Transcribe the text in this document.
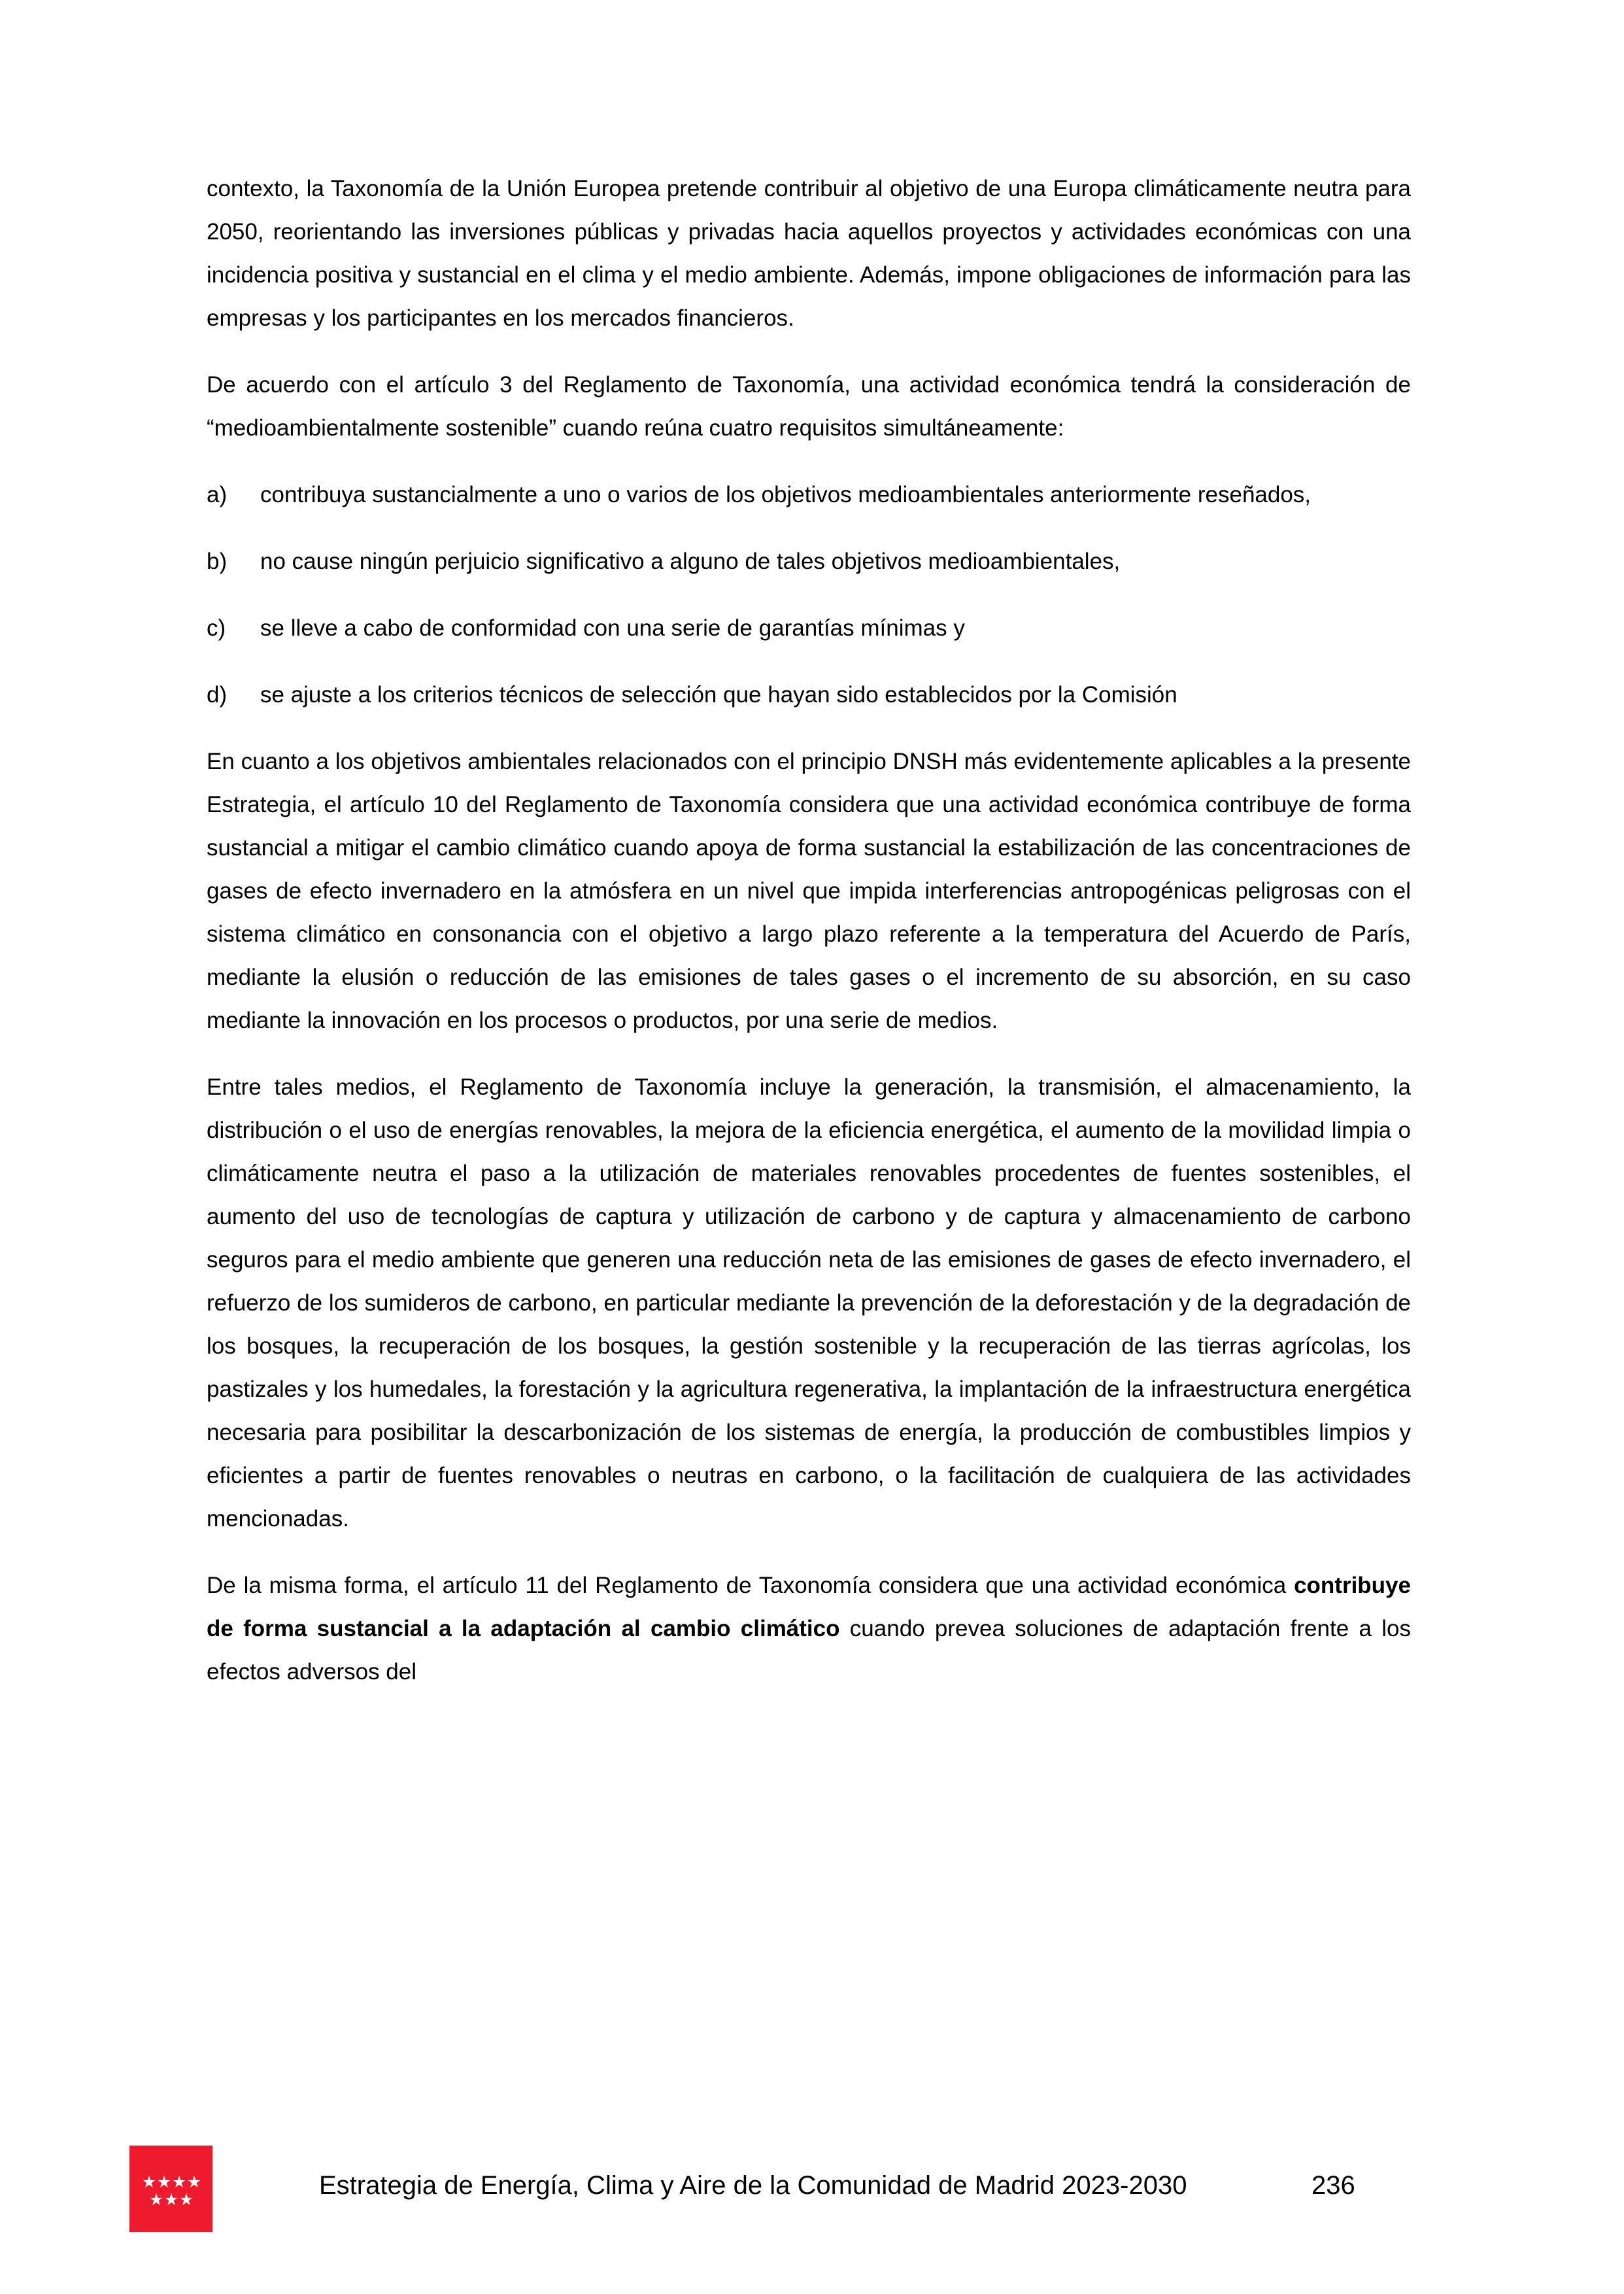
contexto, la Taxonomía de la Unión Europea pretende contribuir al objetivo de una Europa climáticamente neutra para 2050, reorientando las inversiones públicas y privadas hacia aquellos proyectos y actividades económicas con una incidencia positiva y sustancial en el clima y el medio ambiente. Además, impone obligaciones de información para las empresas y los participantes en los mercados financieros.

De acuerdo con el artículo 3 del Reglamento de Taxonomía, una actividad económica tendrá la consideración de “medioambientalmente sostenible” cuando reúna cuatro requisitos simultáneamente:

a) contribuya sustancialmente a uno o varios de los objetivos medioambientales anteriormente reseñados,
b) no cause ningún perjuicio significativo a alguno de tales objetivos medioambientales,
c) se lleve a cabo de conformidad con una serie de garantías mínimas y
d) se ajuste a los criterios técnicos de selección que hayan sido establecidos por la Comisión

En cuanto a los objetivos ambientales relacionados con el principio DNSH más evidentemente aplicables a la presente Estrategia, el artículo 10 del Reglamento de Taxonomía considera que una actividad económica contribuye de forma sustancial a mitigar el cambio climático cuando apoya de forma sustancial la estabilización de las concentraciones de gases de efecto invernadero en la atmósfera en un nivel que impida interferencias antropogénicas peligrosas con el sistema climático en consonancia con el objetivo a largo plazo referente a la temperatura del Acuerdo de París, mediante la elusión o reducción de las emisiones de tales gases o el incremento de su absorción, en su caso mediante la innovación en los procesos o productos, por una serie de medios.

Entre tales medios, el Reglamento de Taxonomía incluye la generación, la transmisión, el almacenamiento, la distribución o el uso de energías renovables, la mejora de la eficiencia energética, el aumento de la movilidad limpia o climáticamente neutra el paso a la utilización de materiales renovables procedentes de fuentes sostenibles, el aumento del uso de tecnologías de captura y utilización de carbono y de captura y almacenamiento de carbono seguros para el medio ambiente que generen una reducción neta de las emisiones de gases de efecto invernadero, el refuerzo de los sumideros de carbono, en particular mediante la prevención de la deforestación y de la degradación de los bosques, la recuperación de los bosques, la gestión sostenible y la recuperación de las tierras agrícolas, los pastizales y los humedales, la forestación y la agricultura regenerativa, la implantación de la infraestructura energética necesaria para posibilitar la descarbonización de los sistemas de energía, la producción de combustibles limpios y eficientes a partir de fuentes renovables o neutras en carbono, o la facilitación de cualquiera de las actividades mencionadas.

De la misma forma, el artículo 11 del Reglamento de Taxonomía considera que una actividad económica contribuye de forma sustancial a la adaptación al cambio climático cuando prevea soluciones de adaptación frente a los efectos adversos del

Estrategia de Energía, Clima y Aire de la Comunidad de Madrid 2023-2030	236
